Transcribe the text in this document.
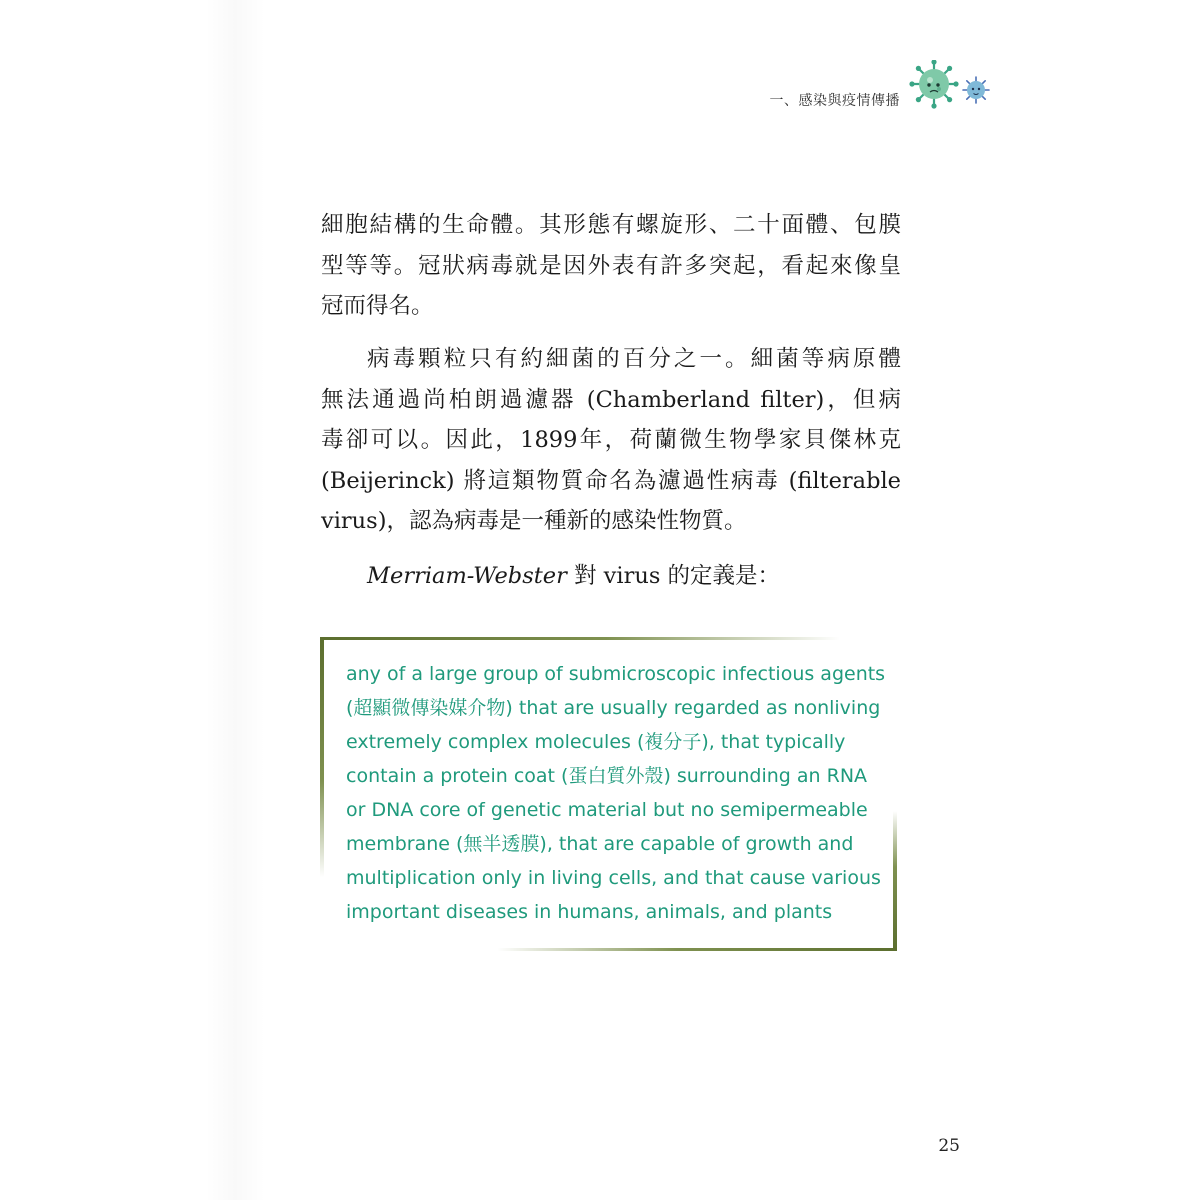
一、感染與疫情傳播
細胞結構的生命體。其形態有螺旋形、二十面體、包膜
型等等。冠狀病毒就是因外表有許多突起，看起來像皇
冠而得名。
病毒顆粒只有約細菌的百分之一。細菌等病原體
無法通過尚柏朗過濾器 (Chamberland filter)，但病
毒卻可以。因此，1899年，荷蘭微生物學家貝傑林克
(Beijerinck) 將這類物質命名為濾過性病毒 (filterable
virus)，認為病毒是一種新的感染性物質。
Merriam-Webster 對 virus 的定義是：
any of a large group of submicroscopic infectious agents
(超顯微傳染媒介物) that are usually regarded as nonliving
extremely complex molecules (複分子), that typically
contain a protein coat (蛋白質外殼) surrounding an RNA
or DNA core of genetic material but no semipermeable
membrane (無半透膜), that are capable of growth and
multiplication only in living cells, and that cause various
important diseases in humans, animals, and plants
25
